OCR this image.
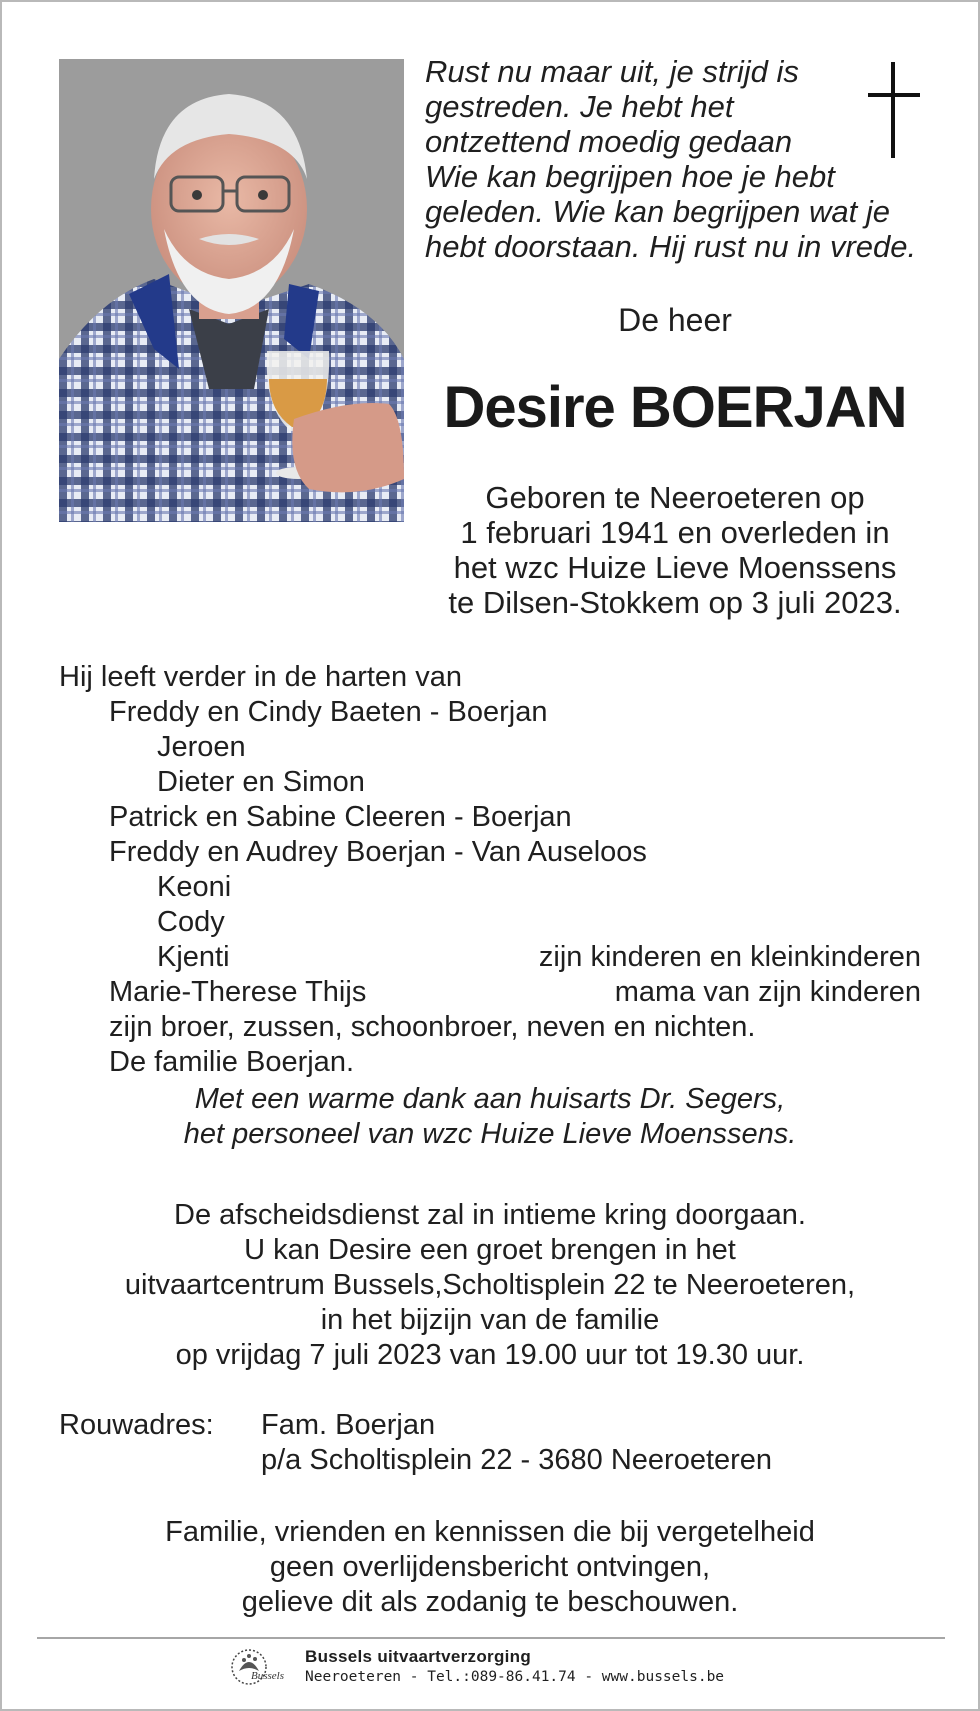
Rust nu maar uit, je strijd is
gestreden. Je hebt het
ontzettend moedig gedaan
Wie kan begrijpen hoe je hebt
geleden. Wie kan begrijpen wat je
hebt doorstaan. Hij rust nu in vrede.
De heer
Desire BOERJAN
Geboren te Neeroeteren op
1 februari 1941 en overleden in
het wzc Huize Lieve Moenssens
te Dilsen-Stokkem op 3 juli 2023.
Hij leeft verder in de harten van
Freddy en Cindy Baeten - Boerjan
Jeroen
Dieter en Simon
Patrick en Sabine Cleeren - Boerjan
Freddy en Audrey Boerjan - Van Auseloos
Keoni
Cody
Kjenti	zijn kinderen en kleinkinderen
Marie-Therese Thijs	mama van zijn kinderen
zijn broer, zussen, schoonbroer, neven en nichten.
De familie Boerjan.
Met een warme dank aan huisarts Dr. Segers,
het personeel van wzc Huize Lieve Moenssens.
De afscheidsdienst zal in intieme kring doorgaan.
U kan Desire een groet brengen in het
uitvaartcentrum Bussels,Scholtisplein 22 te Neeroeteren,
in het bijzijn van de familie
op vrijdag 7 juli 2023 van 19.00 uur tot 19.30 uur.
Rouwadres: Fam. Boerjan
p/a Scholtisplein 22 - 3680 Neeroeteren
Familie, vrienden en kennissen die bij vergetelheid
geen overlijdensbericht ontvingen,
gelieve dit als zodanig te beschouwen.
Bussels
Bussels uitvaartverzorging
Neeroeteren - Tel.:089-86.41.74 - www.bussels.be
